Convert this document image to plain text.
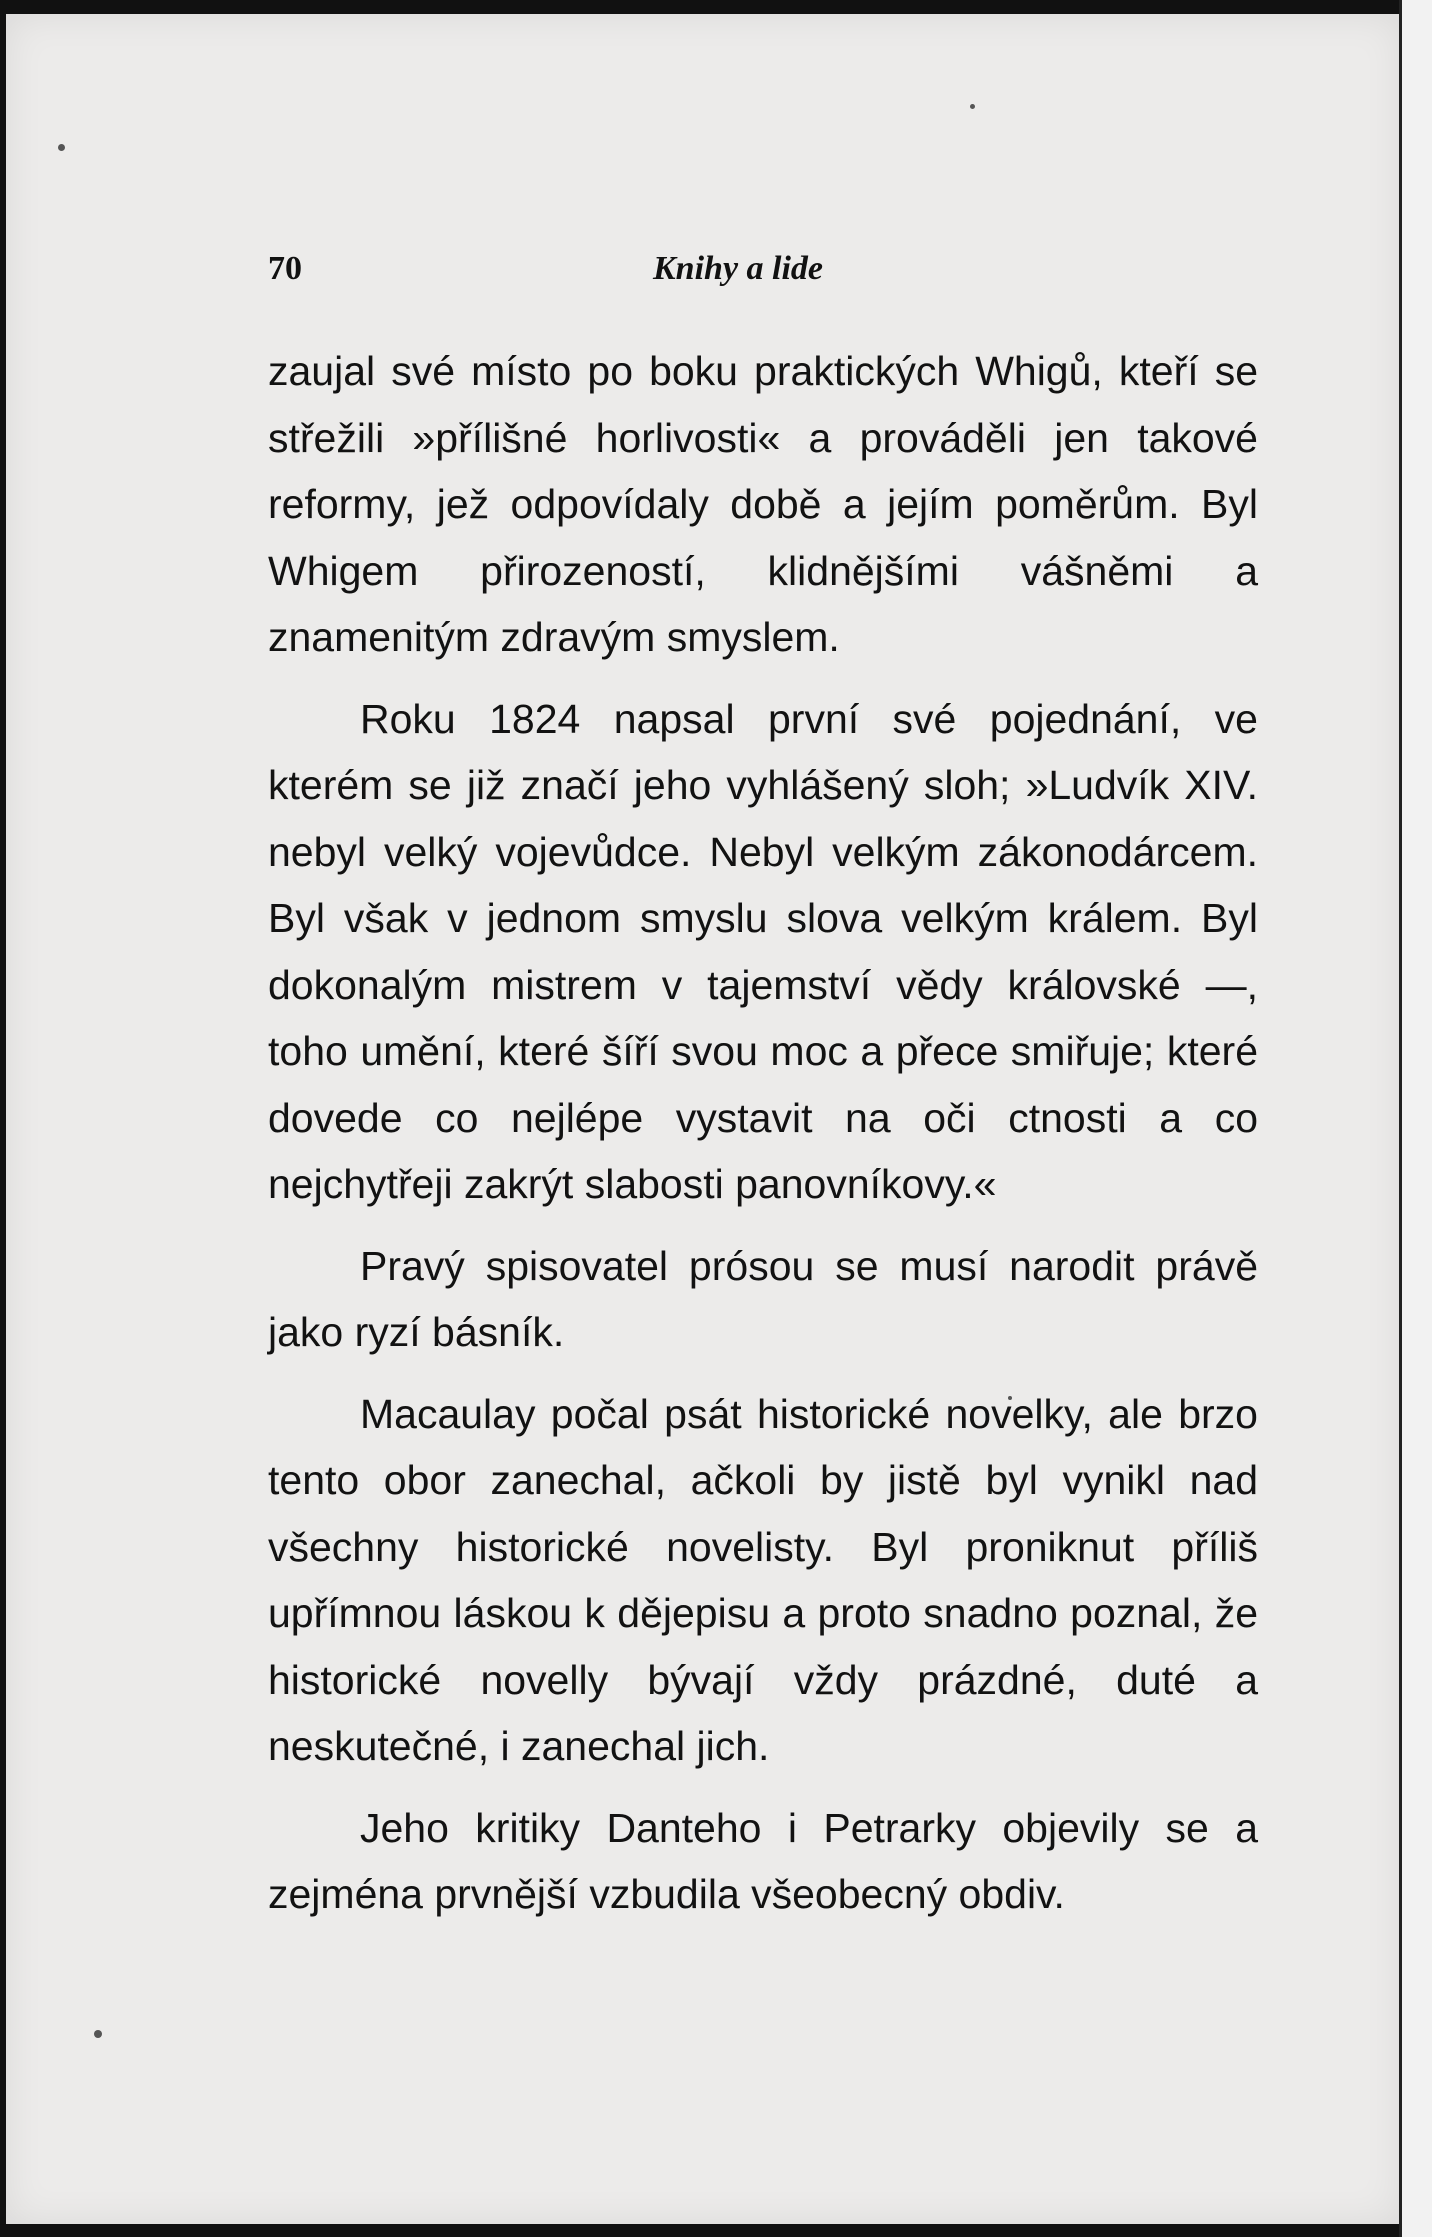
70	Knihy a lide

zaujal své místo po boku praktických Whigů, kteří se střežili »přílišné horlivosti« a prováděli jen takové reformy, jež odpovídaly době a jejím poměrům. Byl Whigem přirozeností, klidnějšími vášněmi a znamenitým zdravým smyslem.

Roku 1824 napsal první své pojednání, ve kterém se již značí jeho vyhlášený sloh; »Ludvík XIV. nebyl velký vojevůdce. Nebyl velkým zákonodárcem. Byl však v jednom smyslu slova velkým králem. Byl dokonalým mistrem v tajemství vědy královské —, toho umění, které šíří svou moc a přece smiřuje; které dovede co nejlépe vystavit na oči ctnosti a co nejchytřeji zakrýt slabosti panovníkovy.«

Pravý spisovatel prósou se musí narodit právě jako ryzí básník.

Macaulay počal psát historické novelky, ale brzo tento obor zanechal, ačkoli by jistě byl vynikl nad všechny historické novelisty. Byl proniknut příliš upřímnou láskou k dějepisu a proto snadno poznal, že historické novelly bývají vždy prázdné, duté a neskutečné, i zanechal jich.

Jeho kritiky Danteho i Petrarky objevily se a zejména prvnější vzbudila všeobecný obdiv.
